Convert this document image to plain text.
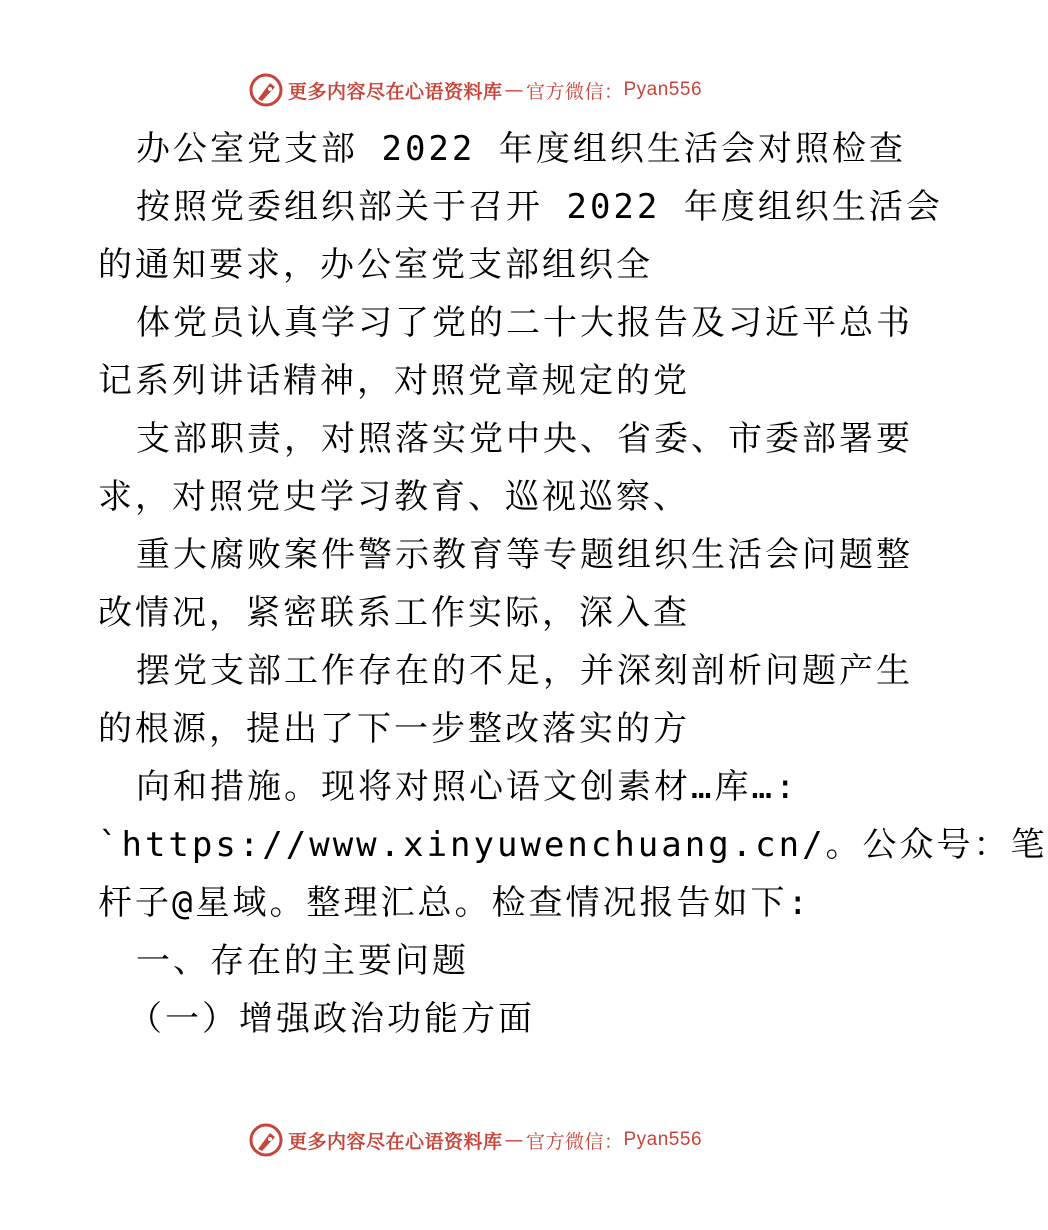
更多内容尽在心语资料库 — 官方微信： Pyan556
办公室党支部 2022 年度组织生活会对照检查
按照党委组织部关于召开 2022 年度组织生活会
的通知要求，办公室党支部组织全
体党员认真学习了党的二十大报告及习近平总书
记系列讲话精神，对照党章规定的党
支部职责，对照落实党中央、省委、市委部署要
求，对照党史学习教育、巡视巡察、
重大腐败案件警示教育等专题组织生活会问题整
改情况，紧密联系工作实际，深入查
摆党支部工作存在的不足，并深刻剖析问题产生
的根源，提出了下一步整改落实的方
向和措施。现将对照心语文创素材…库…:
`https://www.xinyuwenchuang.cn/。公众号：笔
杆子@星域。整理汇总。检查情况报告如下:
一、存在的主要问题
（一）增强政治功能方面
更多内容尽在心语资料库 — 官方微信： Pyan556
